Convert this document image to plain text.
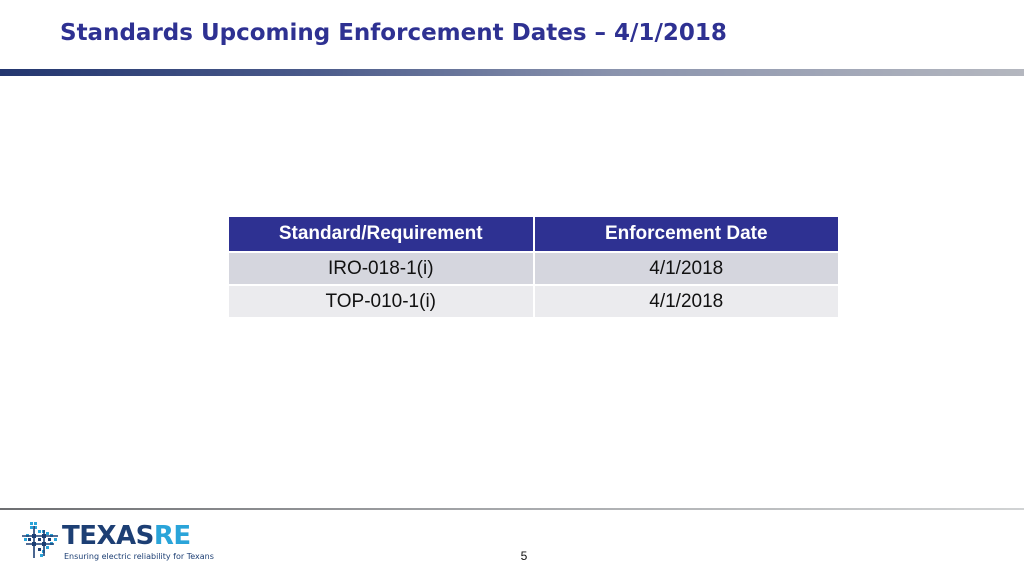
Standards Upcoming Enforcement Dates – 4/1/2018
Standard/Requirement	Enforcement Date
IRO-018-1(i)	4/1/2018
TOP-010-1(i)	4/1/2018
TEXASRE
Ensuring electric reliability for Texans	5
